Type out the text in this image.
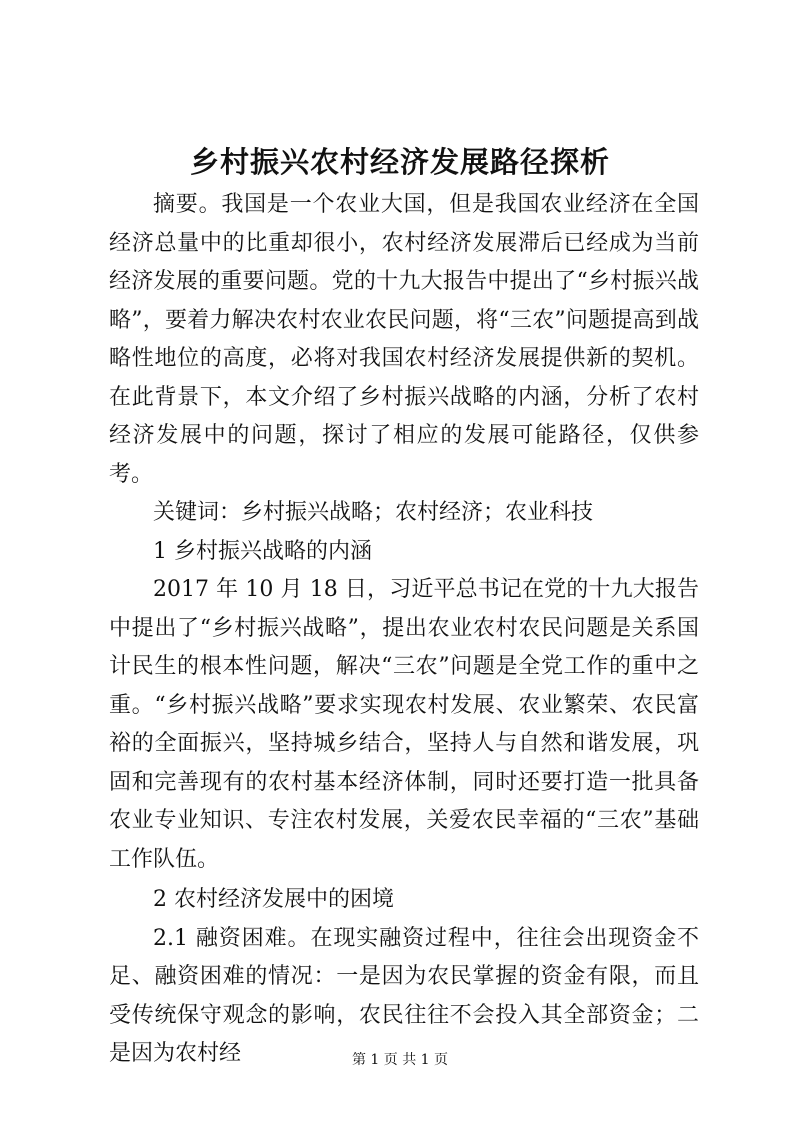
乡村振兴农村经济发展路径探析

摘要。我国是一个农业大国，但是我国农业经济在全国经济总量中的比重却很小，农村经济发展滞后已经成为当前经济发展的重要问题。党的十九大报告中提出了“乡村振兴战略”，要着力解决农村农业农民问题，将“三农”问题提高到战略性地位的高度，必将对我国农村经济发展提供新的契机。在此背景下，本文介绍了乡村振兴战略的内涵，分析了农村经济发展中的问题，探讨了相应的发展可能路径，仅供参考。

关键词：乡村振兴战略；农村经济；农业科技

1 乡村振兴战略的内涵

2017 年 10 月 18 日，习近平总书记在党的十九大报告中提出了“乡村振兴战略”，提出农业农村农民问题是关系国计民生的根本性问题，解决“三农”问题是全党工作的重中之重。“乡村振兴战略”要求实现农村发展、农业繁荣、农民富裕的全面振兴，坚持城乡结合，坚持人与自然和谐发展，巩固和完善现有的农村基本经济体制，同时还要打造一批具备农业专业知识、专注农村发展，关爱农民幸福的“三农”基础工作队伍。

2 农村经济发展中的困境

2.1 融资困难。在现实融资过程中，往往会出现资金不足、融资困难的情况：一是因为农民掌握的资金有限，而且受传统保守观念的影响，农民往往不会投入其全部资金；二是因为农村经	第 1 页 共 1 页
